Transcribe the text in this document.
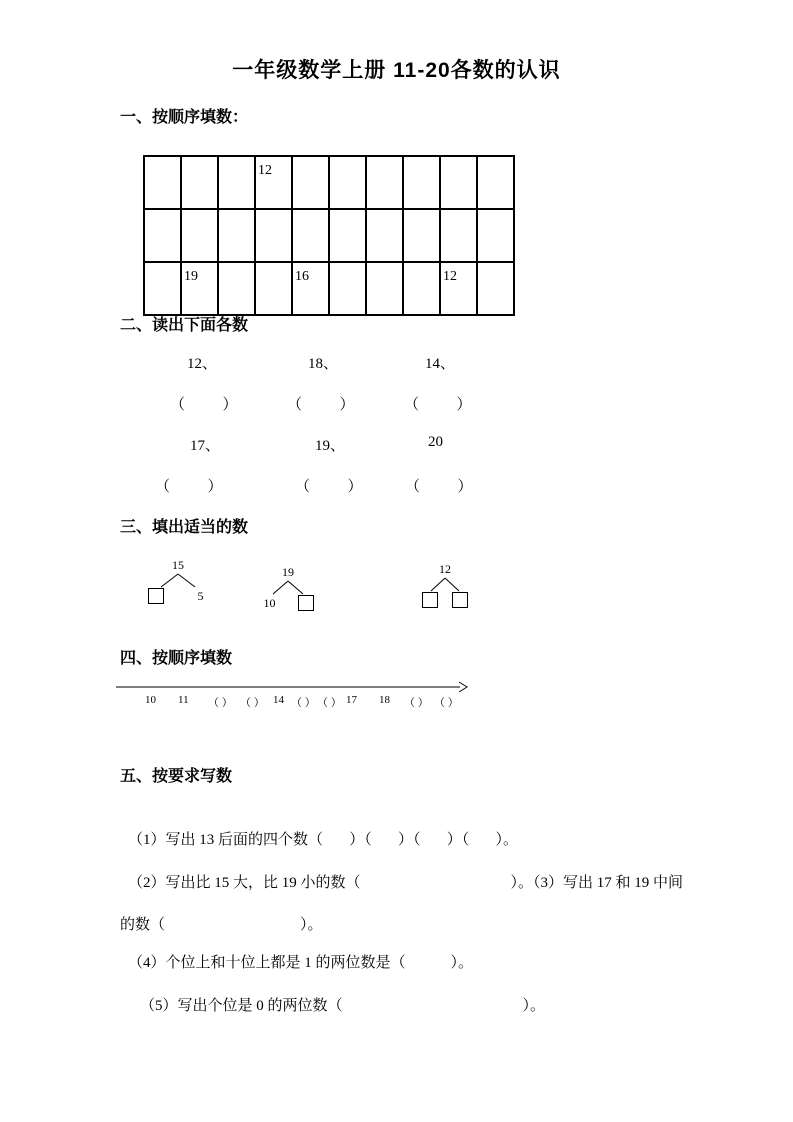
一年级数学上册 11-20各数的认识
一、按顺序填数：
			12						

	19			16				12	
二、读出下面各数
12、	18、	14、
（          ）	（          ）	（          ）
17、	19、	20
（          ）	（          ）	（          ）
三、填出适当的数
15
5
19
10
12
四、按顺序填数
10 11 （ ） （ ） 14 （ ） （ ） 17 18 （ ） （ ）
五、按要求写数

（1）写出 13 后面的四个数（       ）（       ）（       ）（       ）。

（2）写出比 15 大，比 19 小的数（                                        ）。（3）写出 17 和 19 中间

的数（                                    ）。

（4）个位上和十位上都是 1 的两位数是（            ）。

（5）写出个位是 0 的两位数（                                                ）。
